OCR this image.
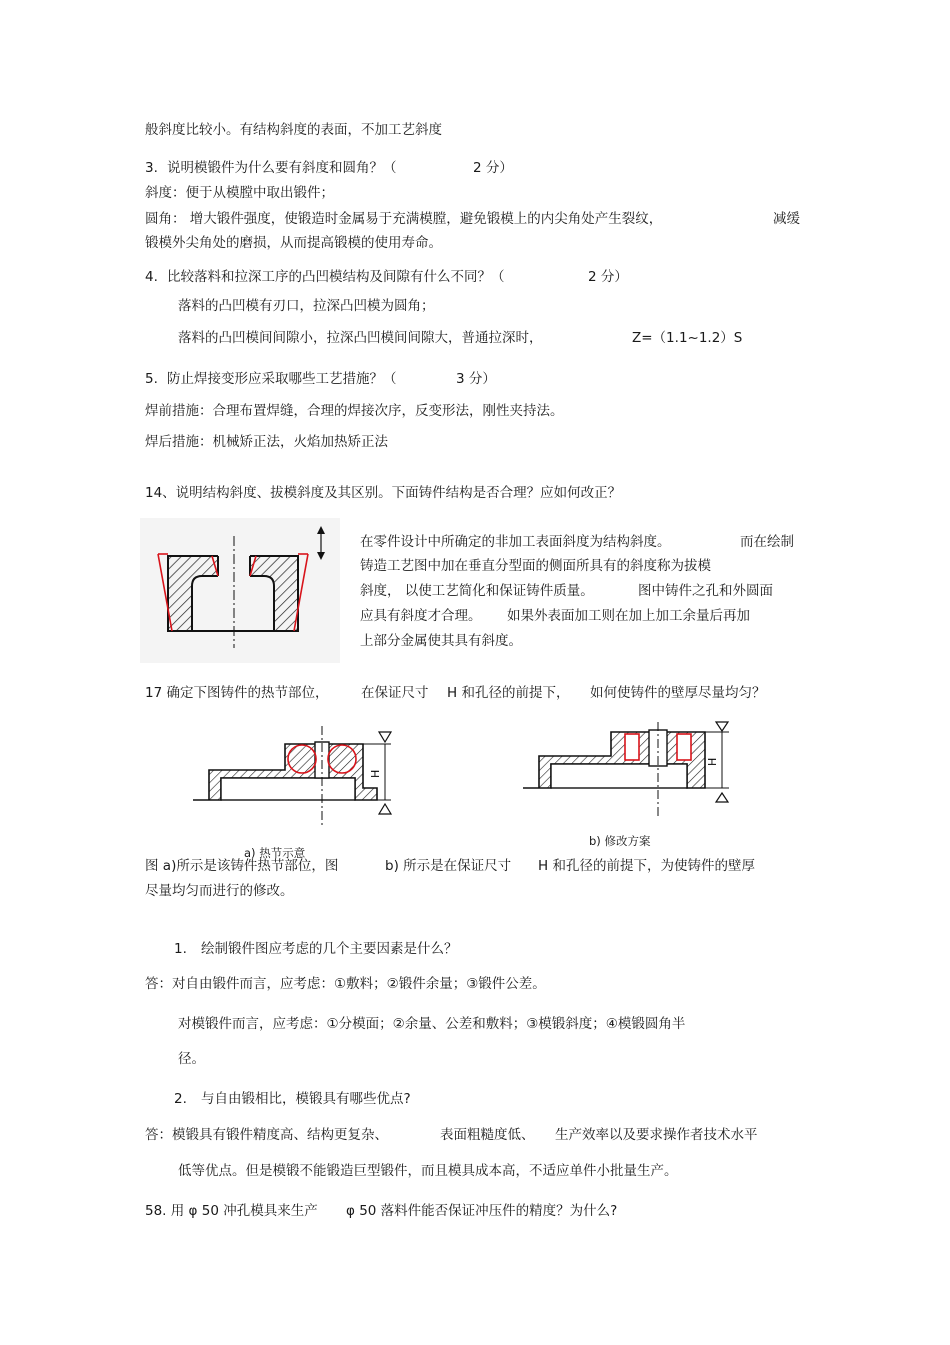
般斜度比较小。有结构斜度的表面，不加工艺斜度
3. 说明模锻件为什么要有斜度和圆角？（	2 分）
斜度：便于从模膛中取出锻件；
圆角： 增大锻件强度，使锻造时金属易于充满模膛，避免锻模上的内尖角处产生裂纹，	减缓
锻模外尖角处的磨损，从而提高锻模的使用寿命。
4. 比较落料和拉深工序的凸凹模结构及间隙有什么不同？（	2 分）
落料的凸凹模有刃口，拉深凸凹模为圆角；
落料的凸凹模间间隙小，拉深凸凹模间间隙大，普通拉深时，	Z=（1.1~1.2）S
5. 防止焊接变形应采取哪些工艺措施？（	3 分）
焊前措施：合理布置焊缝，合理的焊接次序，反变形法，刚性夹持法。
焊后措施：机械矫正法，火焰加热矫正法
14、说明结构斜度、拔模斜度及其区别。下面铸件结构是否合理？应如何改正？
在零件设计中所确定的非加工表面斜度为结构斜度。	而在绘制
铸造工艺图中加在垂直分型面的侧面所具有的斜度称为拔模
斜度， 以使工艺简化和保证铸件质量。	图中铸件之孔和外圆面
应具有斜度才合理。 如果外表面加工则在加上加工余量后再加
上部分金属使其具有斜度。
17 确定下图铸件的热节部位， 在保证尺寸 H 和孔径的前提下， 如何使铸件的壁厚尽量均匀？
a) 热节示意
b) 修改方案
图 a)所示是该铸件热节部位，图	b) 所示是在保证尺寸 H 和孔径的前提下，为使铸件的壁厚
尽量均匀而进行的修改。
1. 绘制锻件图应考虑的几个主要因素是什么？
答：对自由锻件而言，应考虑：①敷料；②锻件余量；③锻件公差。
对模锻件而言，应考虑：①分模面；②余量、公差和敷料；③模锻斜度；④模锻圆角半
径。
2. 与自由锻相比，模锻具有哪些优点?
答：模锻具有锻件精度高、结构更复杂、	表面粗糙度低、 生产效率以及要求操作者技术水平
低等优点。但是模锻不能锻造巨型锻件，而且模具成本高，不适应单件小批量生产。
58. 用 φ 50 冲孔模具来生产 φ 50 落料件能否保证冲压件的精度？为什么?
H
H
